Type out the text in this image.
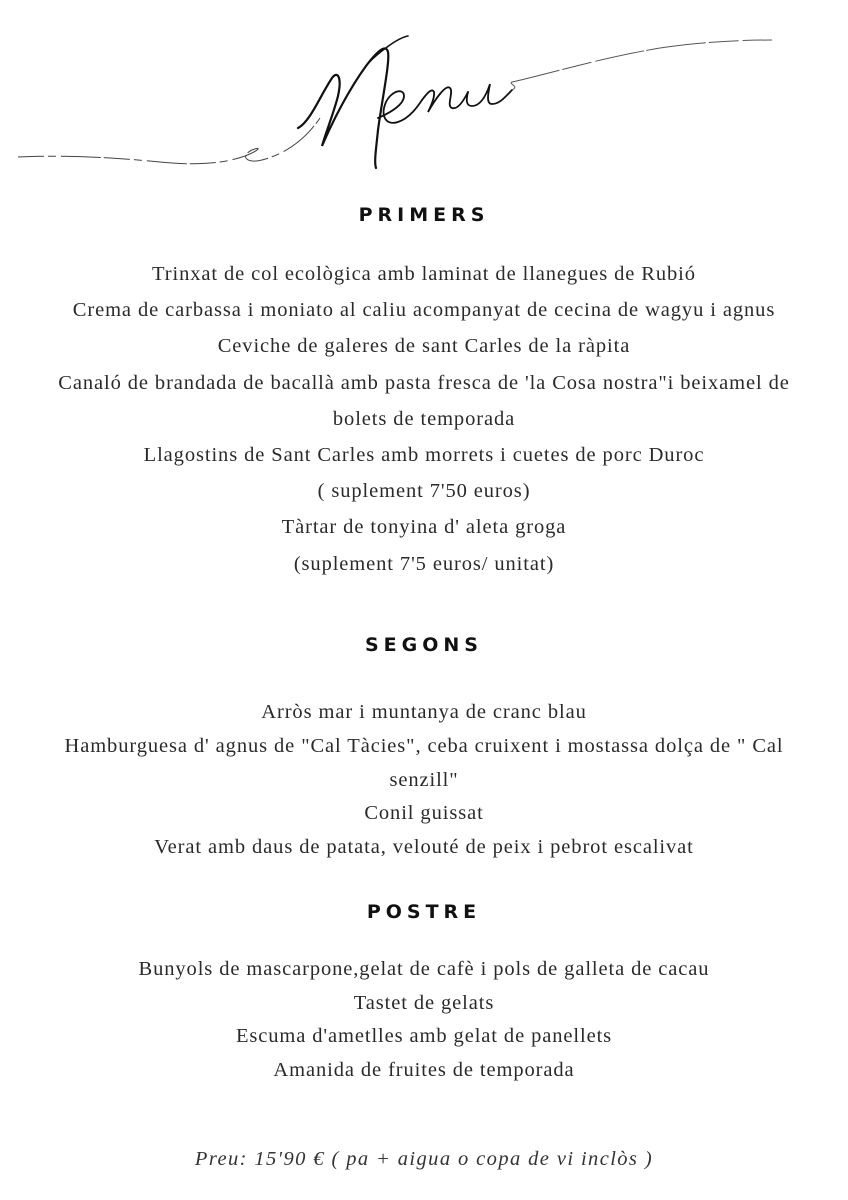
PRIMERS
Trinxat de col ecològica amb laminat de llanegues de Rubió
Crema de carbassa i moniato al caliu acompanyat de cecina de wagyu i agnus
Ceviche de galeres de sant Carles de la ràpita
Canaló de brandada de bacallà amb pasta fresca de 'la Cosa nostra"i beixamel de
bolets de temporada
Llagostins de Sant Carles amb morrets i cuetes de porc Duroc
( suplement 7'50 euros)
Tàrtar de tonyina d' aleta groga
(suplement 7'5 euros/ unitat)
SEGONS
Arròs mar i muntanya de cranc blau
Hamburguesa d' agnus de "Cal Tàcies", ceba cruixent i mostassa dolça de " Cal
senzill"
Conil guissat
Verat amb daus de patata, velouté de peix i pebrot escalivat
POSTRE
Bunyols de mascarpone,gelat de cafè i pols de galleta de cacau
Tastet de gelats
Escuma d'ametlles amb gelat de panellets
Amanida de fruites de temporada
Preu: 15'90 € ( pa + aigua o copa de vi inclòs )
